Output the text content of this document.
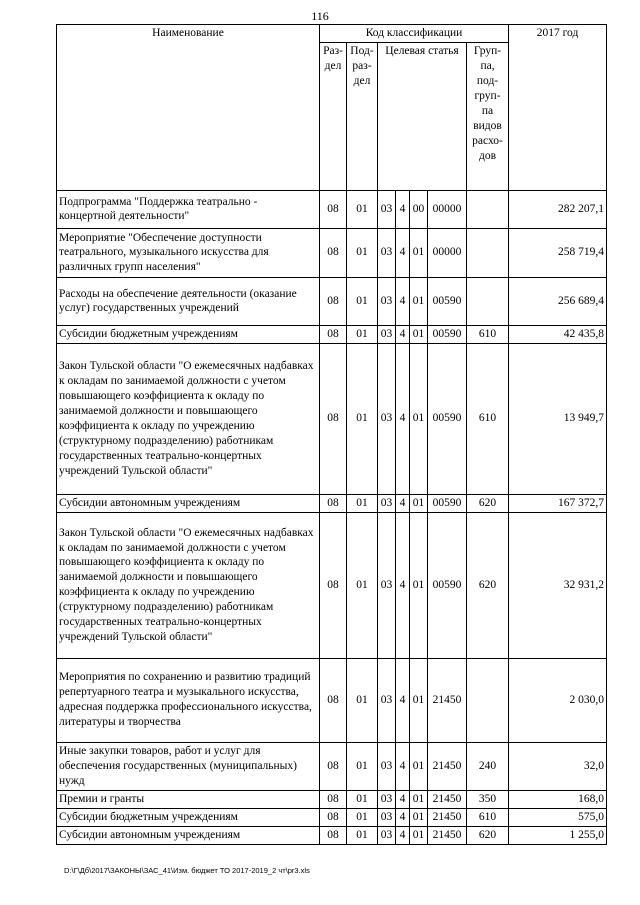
116
Наименование	Код классификации							2017 год
	Раз-дел	Под-раз-дел	Целевая статья				Груп-па, под-груп-па видов расхо-дов	
Подпрограмма "Поддержка театрально - концертной деятельности"	08	01	03	4	00	00000		282 207,1
Мероприятие "Обеспечение доступности театрального, музыкального искусства для различных групп населения"	08	01	03	4	01	00000		258 719,4
Расходы на обеспечение деятельности (оказание услуг) государственных учреждений	08	01	03	4	01	00590		256 689,4
Субсидии бюджетным учреждениям	08	01	03	4	01	00590	610	42 435,8
Закон Тульской области "О ежемесячных надбавках к окладам по занимаемой должности с учетом повышающего коэффициента к окладу по занимаемой должности и повышающего коэффициента к окладу по учреждению (структурному подразделению) работникам государственных театрально-концертных учреждений Тульской области"	08	01	03	4	01	00590	610	13 949,7
Субсидии автономным учреждениям	08	01	03	4	01	00590	620	167 372,7
Закон Тульской области "О ежемесячных надбавках к окладам по занимаемой должности с учетом повышающего коэффициента к окладу по занимаемой должности и повышающего коэффициента к окладу по учреждению (структурному подразделению) работникам государственных театрально-концертных учреждений Тульской области"	08	01	03	4	01	00590	620	32 931,2
Мероприятия по сохранению и развитию традиций репертуарного театра и музыкального искусства, адресная поддержка профессионального искусства, литературы и творчества	08	01	03	4	01	21450		2 030,0
Иные закупки товаров, работ и услуг для обеспечения государственных (муниципальных) нужд	08	01	03	4	01	21450	240	32,0
Премии и гранты	08	01	03	4	01	21450	350	168,0
Субсидии бюджетным учреждениям	08	01	03	4	01	21450	610	575,0
Субсидии автономным учреждениям	08	01	03	4	01	21450	620	1 255,0
D:\Г\Дб\2017\ЗАКОНЫ\ЗАС_41\Изм. бюджет ТО 2017-2019_2 чт\pr3.xls
